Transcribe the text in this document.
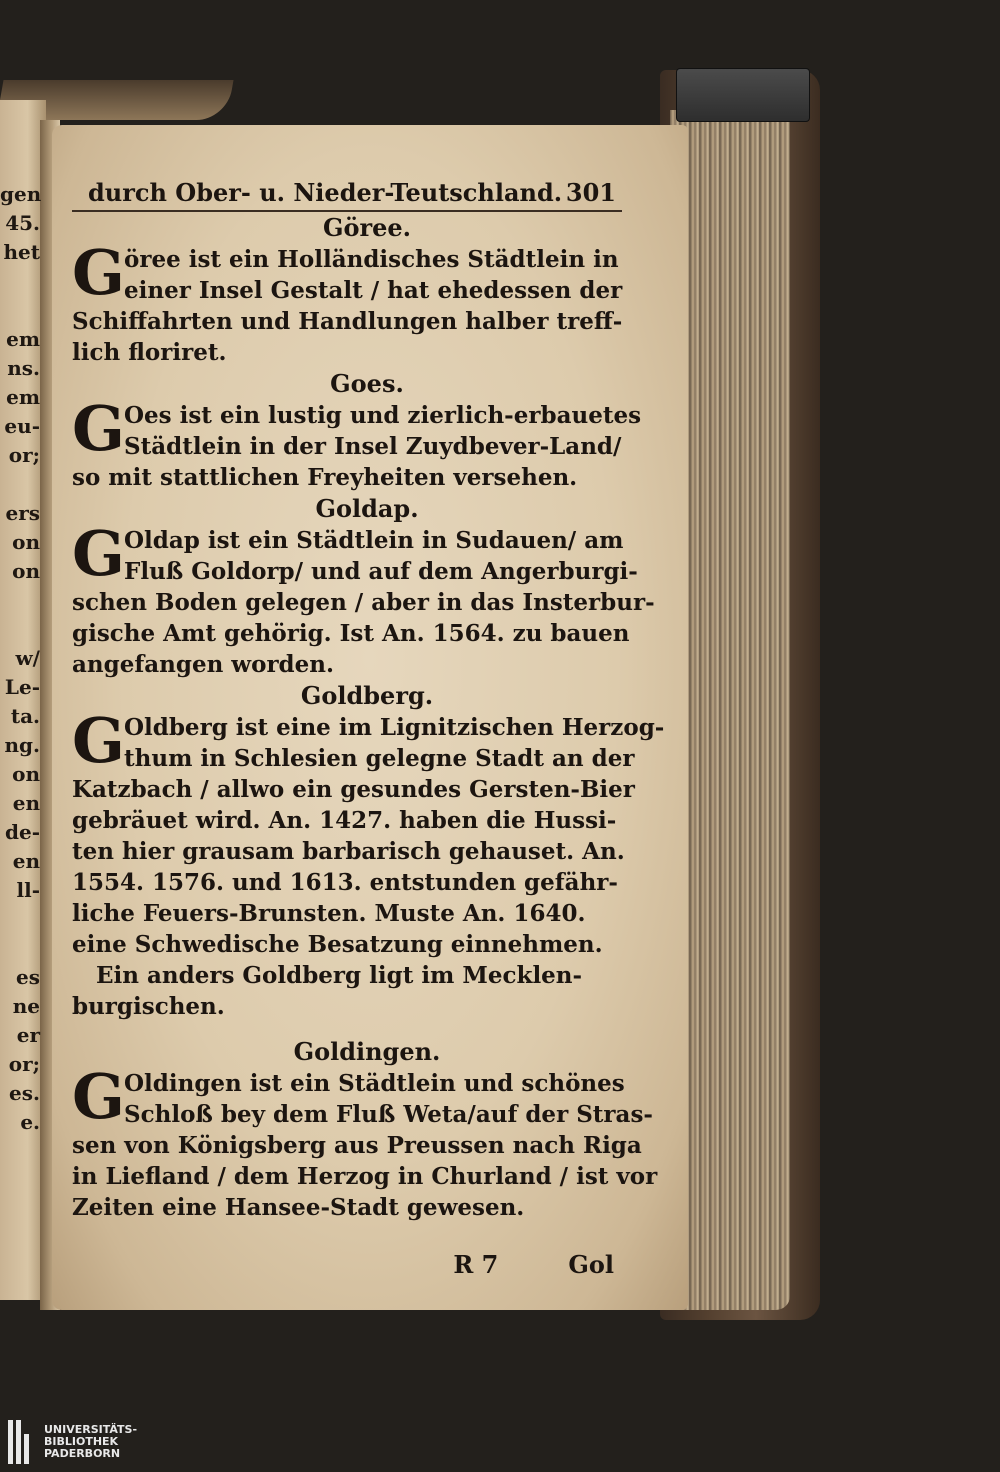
gen
45.
het
em
ns.
em
eu-
or;
ers
on
on
w/
Le-
ta.
ng.
on
en
de-
en
ll-
es
ne
er
or;
es.
e.
durch Ober- u. Nieder-Teutschland. 301
Göree.
G öree ist ein Holländisches Städtlein in
einer Insel Gestalt / hat ehedessen der
Schiffahrten und Handlungen halber treff-
lich floriret.
Goes.
G Oes ist ein lustig und zierlich-erbauetes
Städtlein in der Insel Zuydbever-Land/
so mit stattlichen Freyheiten versehen.
Goldap.
G Oldap ist ein Städtlein in Sudauen/ am
Fluß Goldorp/ und auf dem Angerburgi-
schen Boden gelegen / aber in das Insterbur-
gische Amt gehörig. Ist An. 1564. zu bauen
angefangen worden.
Goldberg.
G Oldberg ist eine im Lignitzischen Herzog-
thum in Schlesien gelegne Stadt an der
Katzbach / allwo ein gesundes Gersten-Bier
gebräuet wird. An. 1427. haben die Hussi-
ten hier grausam barbarisch gehauset. An.
1554. 1576. und 1613. entstunden gefähr-
liche Feuers-Brunsten. Muste An. 1640.
eine Schwedische Besatzung einnehmen.
Ein anders Goldberg ligt im Mecklen-
burgischen.
Goldingen.
G Oldingen ist ein Städtlein und schönes
Schloß bey dem Fluß Weta/auf der Stras-
sen von Königsberg aus Preussen nach Riga
in Liefland / dem Herzog in Churland / ist vor
Zeiten eine Hansee-Stadt gewesen.
R 7	Gol
UNIVERSITÄTS-
BIBLIOTHEK
PADERBORN
